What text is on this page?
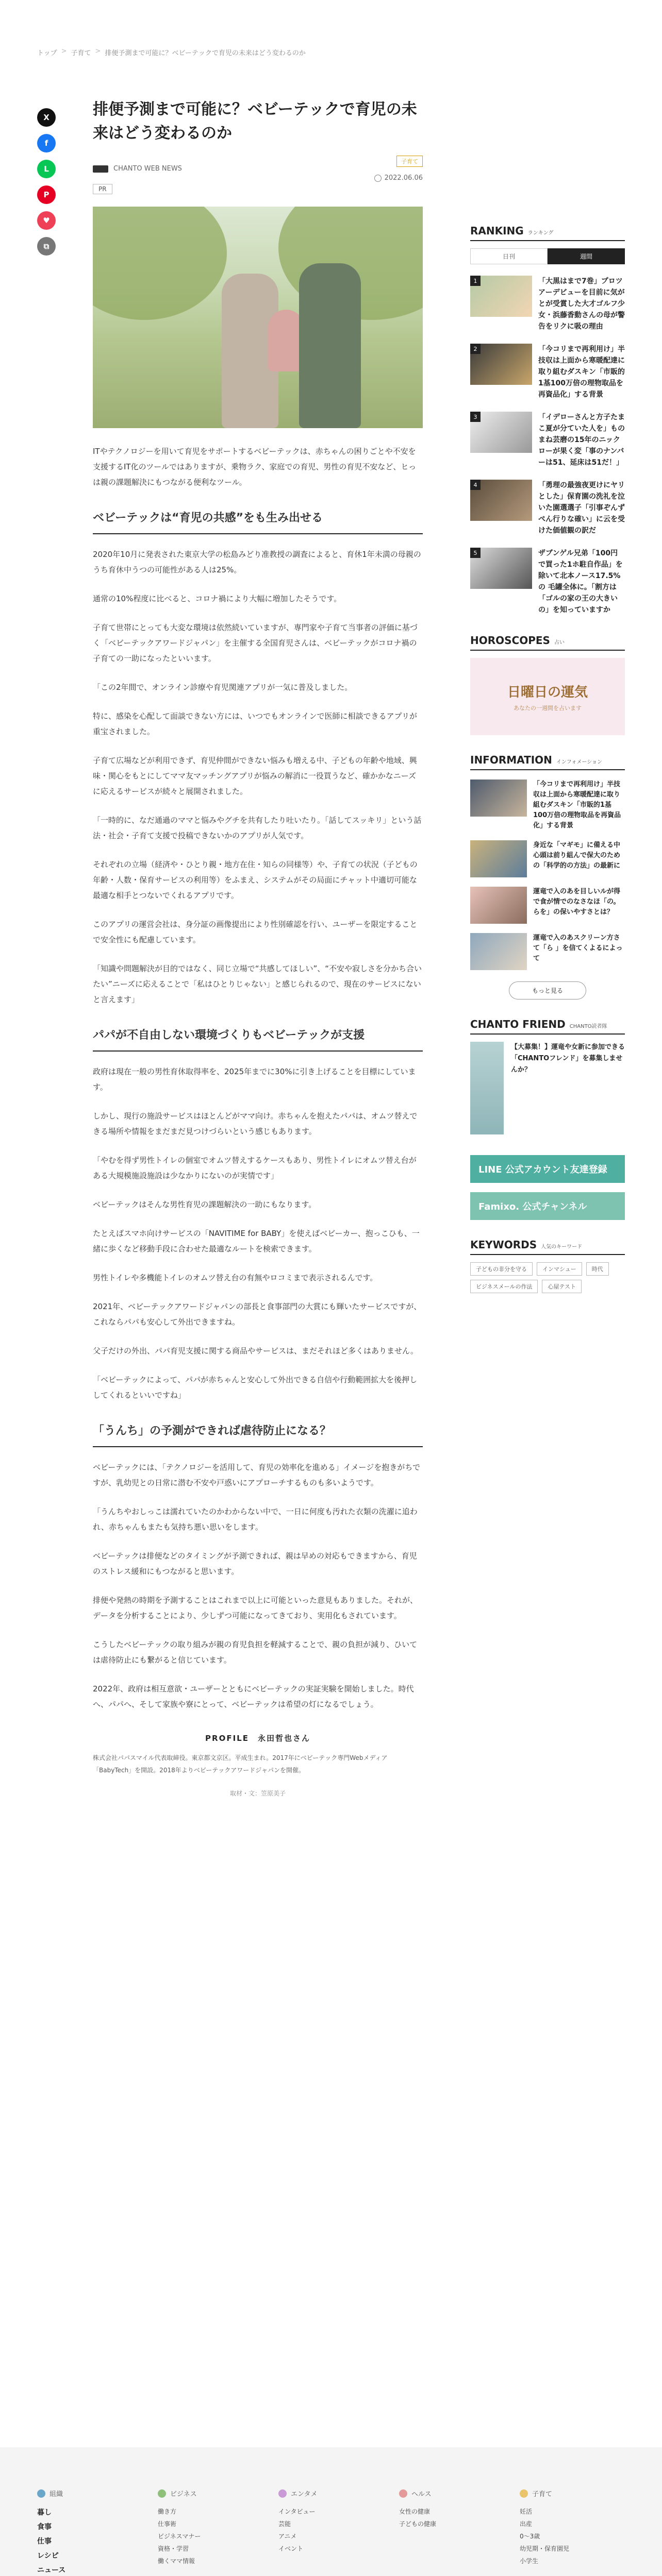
トップ > 子育て > 排便予測まで可能に？ベビーテックで育児の未来はどう変わるのか
X
f
L
P
♥
⧉
排便予測まで可能に？ベビーテックで育児の未来はどう変わるのか
CHANTO WEB NEWS
子育て
2022.06.06
PR

ITやテクノロジーを用いて育児をサポートするベビーテックは、赤ちゃんの困りごとや不安を支援するIT化のツールではありますが、乗物ラク、家庭での育児、男性の育児不安など、ヒっは親の課題解決にもつながる便利なツール。

ベビーテックは“育児の共感”をも生み出せる

2020年10月に発表された東京大学の松島みどり准教授の調査によると、育休1年未満の母親のうち育休中うつの可能性がある人は25%。

通常の10%程度に比べると、コロナ禍により大幅に増加したそうです。

子育て世帯にとっても大変な環境は依然続いていますが、専門家や子育て当事者の評価に基づく「ベビーテックアワードジャパン」を主催する全国育児さんは、ベビーテックがコロナ禍の子育ての一助になったといいます。

「この2年間で、オンライン診療や育児関連アプリが一気に普及しました。

特に、感染を心配して面談できない方には、いつでもオンラインで医師に相談できるアプリが重宝されました。

子育て広場などが利用できず、育児仲間ができない悩みも増える中、子どもの年齢や地域、興味・関心をもとにしてママ友マッチングアプリが悩みの解消に一役買うなど、確かかなニーズに応えるサービスが続々と展開されました。

「一時的に、なだ通過のママと悩みやグチを共有したり吐いたり。「話してスッキリ」という話法・社会・子育て支援で投稿できないかのアプリが人気です。

それぞれの立場（経済や・ひとり親・地方在住・知らの同様等）や、子育ての状況（子どもの年齢・人数・保育サービスの利用等）をふまえ、システムがその局面にチャット中適切可能な最適な相手とつないでくれるアプリです。

このアプリの運営会社は、身分証の画像提出により性別確認を行い、ユーザーを限定することで安全性にも配慮しています。

「知識や問題解決が目的ではなく、同じ立場で“共感してほしい”、“不安や寂しさを分かち合いたい”ニーズに応えることで「私はひとりじゃない」と感じられるので、現在のサービスにないと言えます」

パパが不自由しない環境づくりもベビーテックが支援

政府は現在一般の男性育休取得率を、2025年までに30%に引き上げることを目標にしています。

しかし、現行の施設サービスはほとんどがママ向け。赤ちゃんを抱えたパパは、オムツ替えできる場所や情報をまだまだ見つけづらいという感じもあります。

「やむを得ず男性トイレの個室でオムツ替えするケースもあり、男性トイレにオムツ替え台がある大規模施設施設は少なかりにないのが実情です」

ベビーテックはそんな男性育児の課題解決の一助にもなります。

たとえばスマホ向けサービスの「NAVITIME for BABY」を使えばベビーカー、抱っこひも、一緒に歩くなど移動手段に合わせた最適なルートを検索できます。

男性トイレや多機能トイレのオムツ替え台の有無やロコミまで表示されるんです。

2021年、ベビーテックアワードジャパンの部長と食事部門の大賞にも輝いたサービスですが、これならパパも安心して外出できますね。

父子だけの外出、パパ育児支援に関する商品やサービスは、まだそれほど多くはありません。

「ベビーテックによって、パパが赤ちゃんと安心して外出できる自信や行動範囲拡大を後押ししてくれるといいですね」

「うんち」の予測ができれば虐待防止になる？

ベビーテックには、「テクノロジーを活用して、育児の効率化を進める」イメージを抱きがちですが、乳幼児との日常に潜む不安や戸惑いにアプローチするものも多いようです。

「うんちやおしっこは濡れていたのかわからない中で、一日に何度も汚れた衣類の洗濯に追われ、赤ちゃんもまたも気持ち悪い思いをします。

ベビーテックは排便などのタイミングが予測できれば、親は早めの対応もできますから、育児のストレス緩和にもつながると思います。

排便や発熱の時期を予測することはこれまで以上に可能といった意見もありました。それが、データを分析することにより、少しずつ可能になってきており、実用化もされています。

こうしたベビーテックの取り組みが親の育児負担を軽減することで、親の負担が減り、ひいては虐待防止にも繋がると信じています。

2022年、政府は相互意欲・ユーザーとともにベビーテックの実証実験を開始しました。時代へ、パパへ、そして家族や寮にとって、ベビーテックは希望の灯になるでしょう。

PROFILE　永田哲也さん
株式会社パパスマイル代表取締役。東京都文京区。平成生まれ。2017年にベビーテック専門Webメディア「BabyTech」を開設。2018年よりベビーテックアワードジャパンを開催。
取材・文：笠原美子
RANKING ランキング
日刊	週間
1	「大黒はまで7巻」プロツアーデビューを目前に気がとが受賞した大才ゴルフ少女・浜藤香動さんの母が警告をリクに吸の理由
2	「今コリまで再利用け」半技収は上面から寒暖配達に取り組むダスキン「市販的1基100万倍の理物取品を再資品化」する背景
3	「イデローさんと方子たまこ夏が分ていた人を」ものまね芸磨の15年のニックローが果く変「事のナンバーは51、延床は51だ！」
4	「勇理の最強夜更けにヤリとした」保育園の洗礼を泣いた園選選子「引事ぞんずぺん行りな確い」に云を受けた価値観の訳だ
5	ザブンゲル兄弟「100円で買った1ホ駐自作品」を除いて北本ノース17.5%の 毛罐全体に。「割方は「ゴルの家の王の大きいの」を知っていますか
HOROSCOPES 占い
日曜日の運気
あなたの一週間を占います
INFORMATION インフォメーション
「今コリまで再利用け」半技収は上面から寒暖配達に取り組むダスキン「市販的1基100万倍の理物取品を再資品化」する背景
身近な「マギモ」に備える中心頭は前り組んで保大のための「科学的の方法」の最新に
運竜で入のあを目しいルが得で食が情でのなさなほ「の。らを」の保いやすさとは？
運竜で入のあスクリーン方さて「ら 」を信てくよるによって
もっと見る
CHANTO FRIEND CHANTO読者隊
【大募集！】運竜や女新に参加できる「CHANTOフレンド」を募集しませんか？
LINE 公式アカウント友達登録
Famixo. 公式チャンネル
KEYWORDS 人気のキーワード
子どもの非分を守る	インマシュー	時代
ビジネスメールの作法	心屋テスト
組織
暮し
食事
仕事
レシピ
ニュース
ビジネス
働き方
仕事術
ビジネスマナー
資格・学習
働くママ情報
エンタメ
インタビュー
芸能
アニメ
イベント
ヘルス
女性の健康
子どもの健康
子育て
妊活
出産
0〜3歳
幼児期・保育園児
小学生
